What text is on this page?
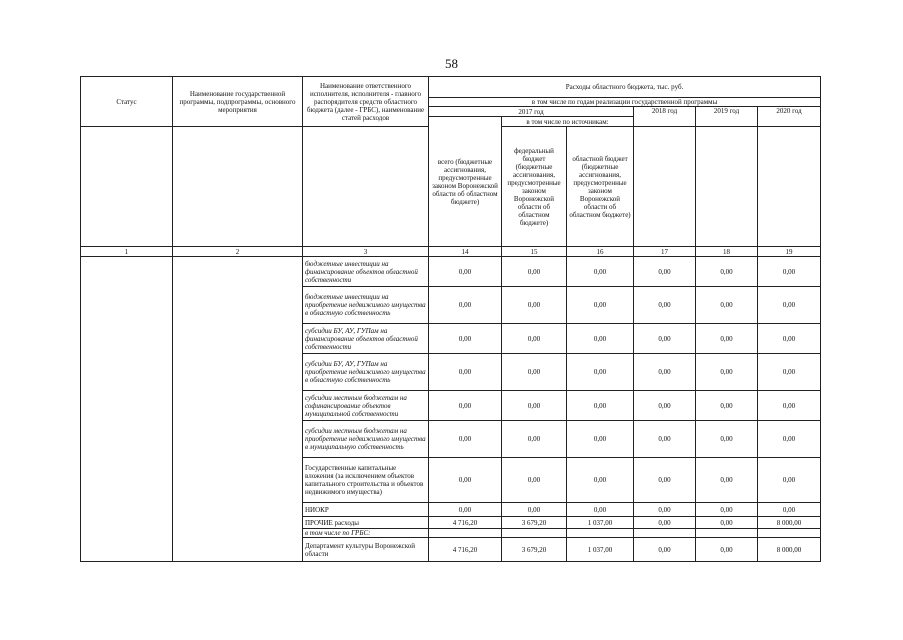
58
Статус	Наименование государственной программы, подпрограммы, основного мероприятия	Наименование ответственного исполнителя, исполнителя - главного распорядителя средств областного бюджета (далее - ГРБС), наименование статей расходов	Расходы областного бюджета, тыс. руб.					
			в том числе по годам реализации государственной программы					
			2017 год			2018 год	2019 год	2020 год
			всего (бюджетные ассигнования, предусмотренные законом Воронежской области об областном бюджете)	в том числе по источникам:				
				федеральный бюджет (бюджетные ассигнования, предусмотренные законом Воронежской области об областном бюджете)	областной бюджет (бюджетные ассигнования, предусмотренные законом Воронежской области об областном бюджете)			
1	2	3	14	15	16	17	18	19
		бюджетные инвестиции на финансирование объектов областной собственности	0,00	0,00	0,00	0,00	0,00	0,00
		бюджетные инвестиции на приобретение недвижимого имущества в областную собственность	0,00	0,00	0,00	0,00	0,00	0,00
		субсидии БУ, АУ, ГУПам на финансирование объектов областной собственности	0,00	0,00	0,00	0,00	0,00	0,00
		субсидии БУ, АУ, ГУПам на приобретение недвижимого имущества в областную собственность	0,00	0,00	0,00	0,00	0,00	0,00
		субсидии местным бюджетам на софинансирование объектов муниципальной собственности	0,00	0,00	0,00	0,00	0,00	0,00
		субсидии местным бюджетам на приобретение недвижимого имущества в муниципальную собственность	0,00	0,00	0,00	0,00	0,00	0,00
		Государственные капитальные вложения (за исключением объектов капитального строительства и объектов недвижимого имущества)	0,00	0,00	0,00	0,00	0,00	0,00
		НИОКР	0,00	0,00	0,00	0,00	0,00	0,00
		ПРОЧИЕ расходы	4 716,20	3 679,20	1 037,00	0,00	0,00	8 000,00
		в том числе по ГРБС:						
		Департамент культуры Воронежской области	4 716,20	3 679,20	1 037,00	0,00	0,00	8 000,00
